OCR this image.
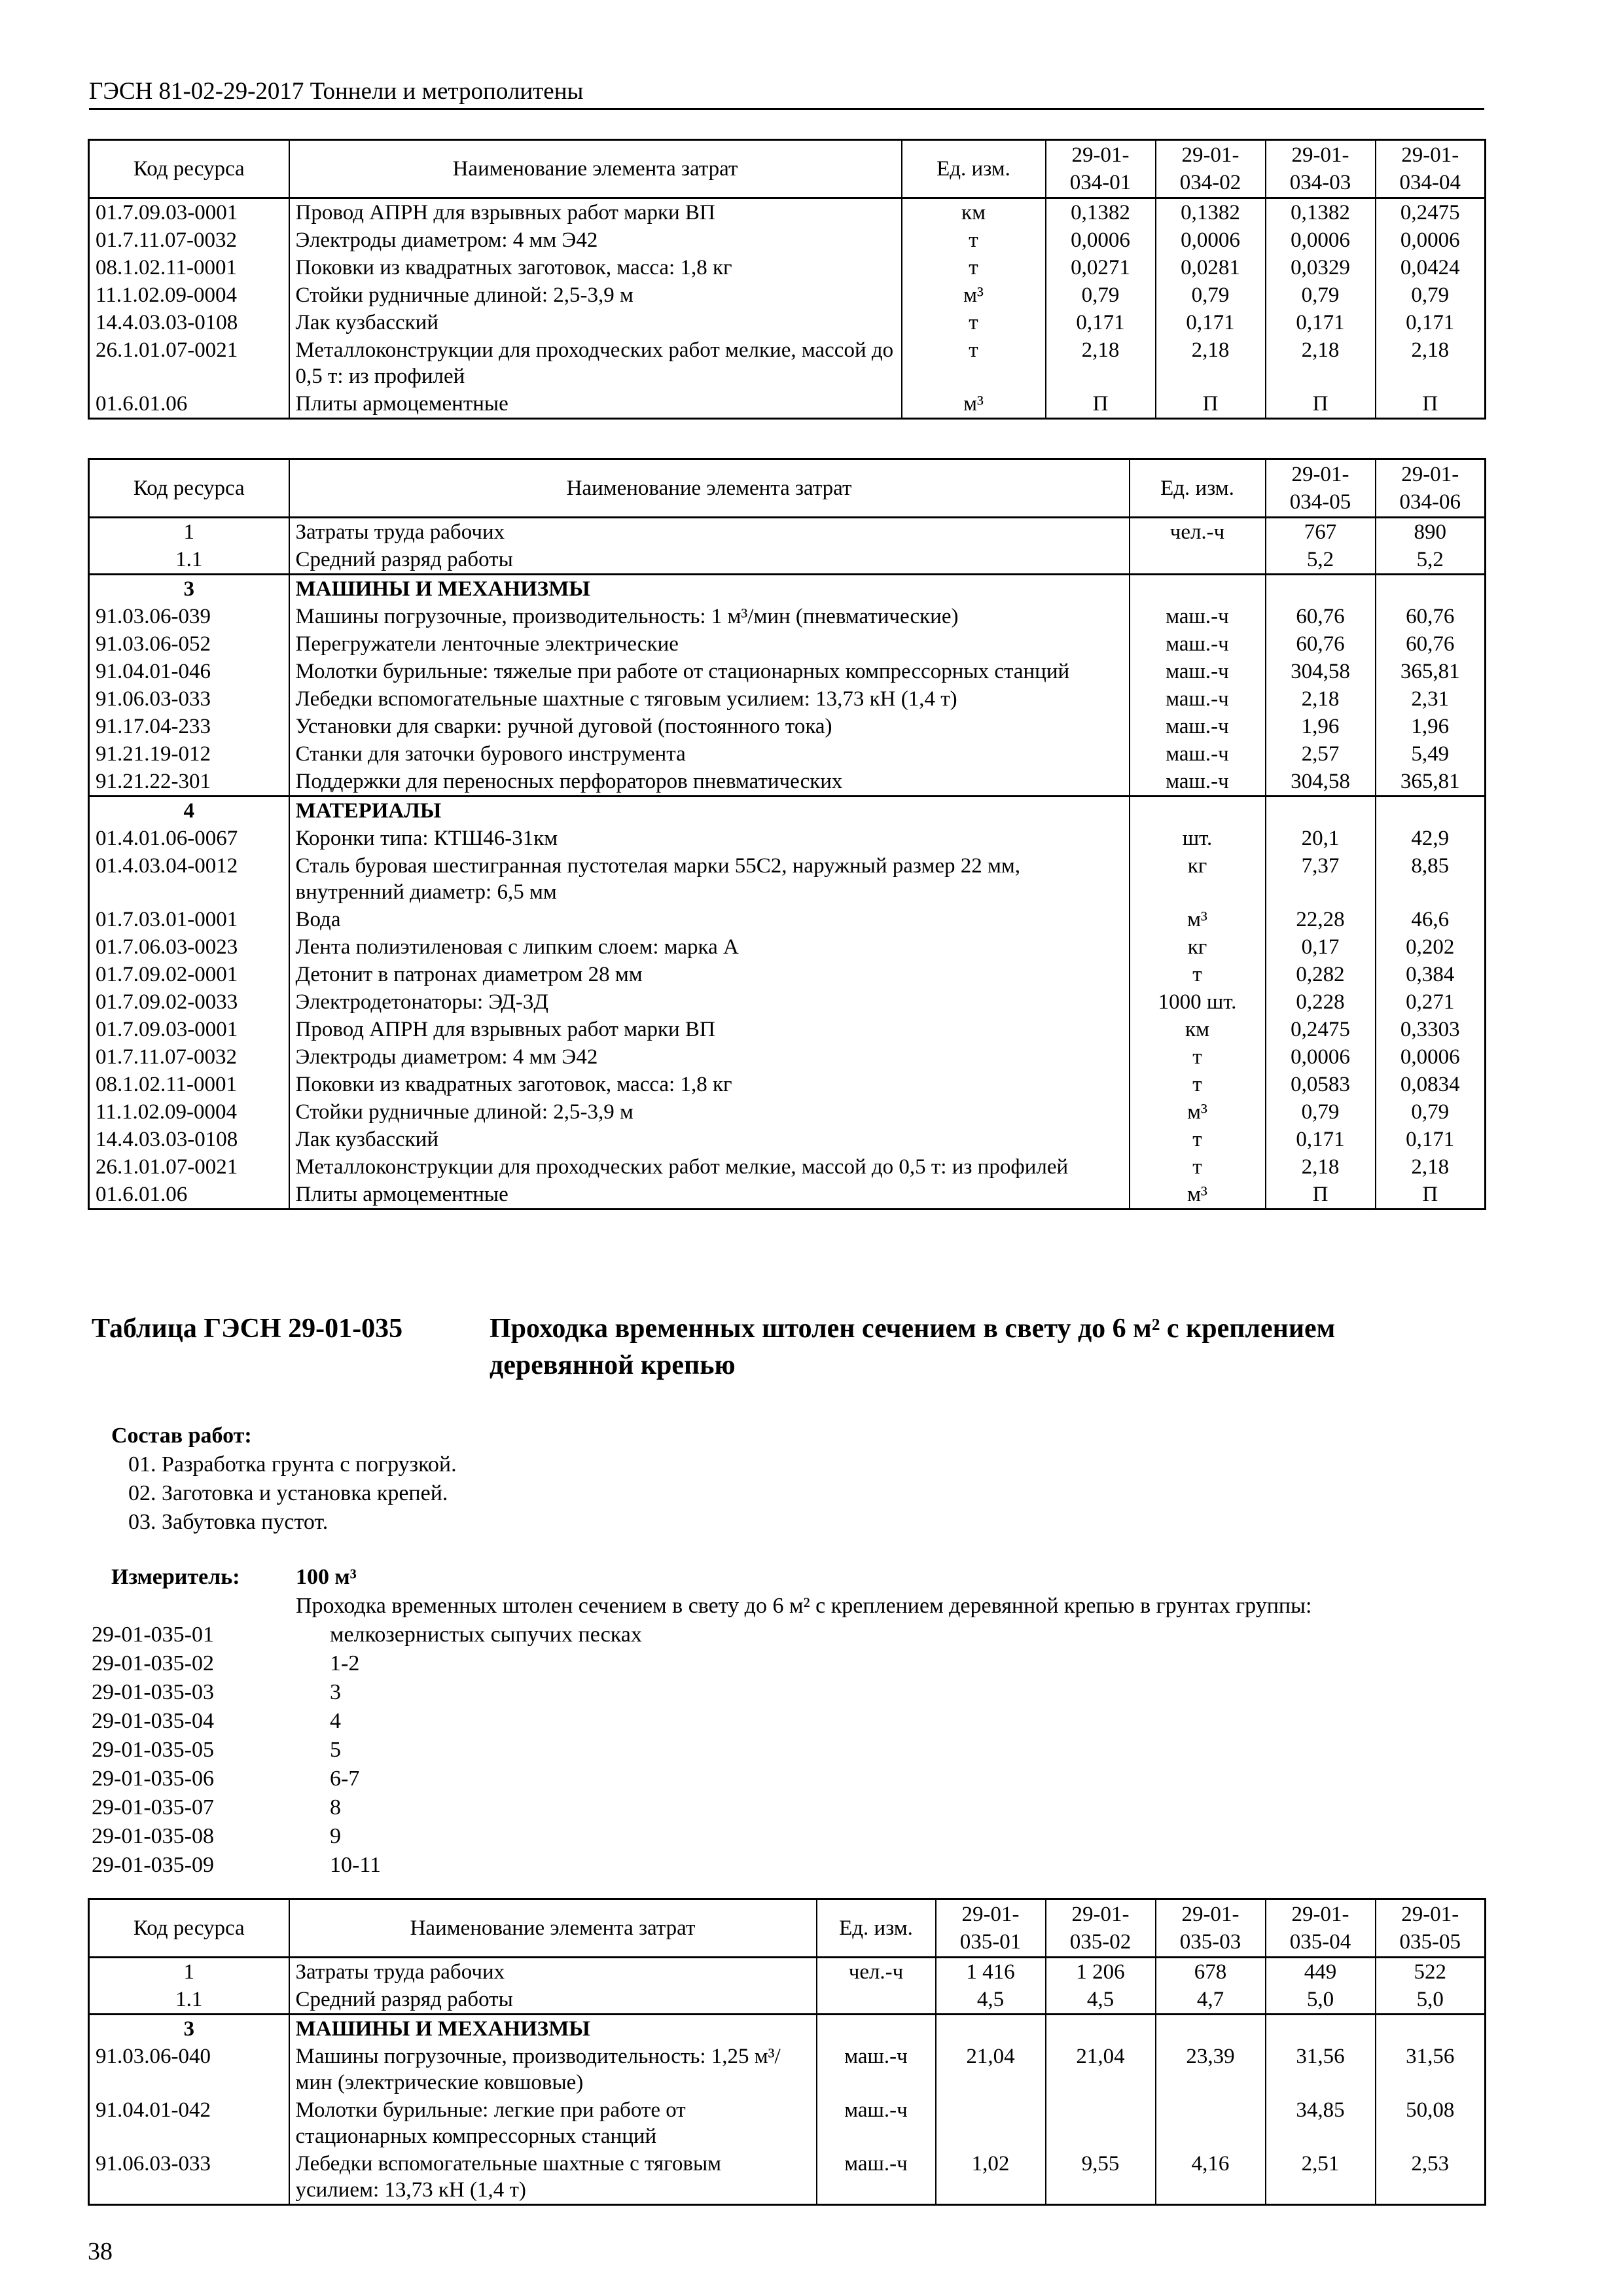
ГЭСН 81-02-29-2017 Тоннели и метрополитены
Код ресурса	Наименование элемента затрат	Ед. изм.	29-01-034-01	29-01-034-02	29-01-034-03	29-01-034-04
01.7.09.03-0001	Провод АПРН для взрывных работ марки ВП	км	0,1382	0,1382	0,1382	0,2475
01.7.11.07-0032	Электроды диаметром: 4 мм Э42	т	0,0006	0,0006	0,0006	0,0006
08.1.02.11-0001	Поковки из квадратных заготовок, масса: 1,8 кг	т	0,0271	0,0281	0,0329	0,0424
11.1.02.09-0004	Стойки рудничные длиной: 2,5-3,9 м	м³	0,79	0,79	0,79	0,79
14.4.03.03-0108	Лак кузбасский	т	0,171	0,171	0,171	0,171
26.1.01.07-0021	Металлоконструкции для проходческих работ мелкие, массой до 0,5 т: из профилей	т	2,18	2,18	2,18	2,18
01.6.01.06	Плиты армоцементные	м³	П	П	П	П
Код ресурса	Наименование элемента затрат	Ед. изм.	29-01-034-05	29-01-034-06
1	Затраты труда рабочих	чел.-ч	767	890
1.1	Средний разряд работы		5,2	5,2
3	МАШИНЫ И МЕХАНИЗМЫ			
91.03.06-039	Машины погрузочные, производительность: 1 м³/мин (пневматические)	маш.-ч	60,76	60,76
91.03.06-052	Перегружатели ленточные электрические	маш.-ч	60,76	60,76
91.04.01-046	Молотки бурильные: тяжелые при работе от стационарных компрессорных станций	маш.-ч	304,58	365,81
91.06.03-033	Лебедки вспомогательные шахтные с тяговым усилием: 13,73 кН (1,4 т)	маш.-ч	2,18	2,31
91.17.04-233	Установки для сварки: ручной дуговой (постоянного тока)	маш.-ч	1,96	1,96
91.21.19-012	Станки для заточки бурового инструмента	маш.-ч	2,57	5,49
91.21.22-301	Поддержки для переносных перфораторов пневматических	маш.-ч	304,58	365,81
4	МАТЕРИАЛЫ			
01.4.01.06-0067	Коронки типа: КТШ46-31км	шт.	20,1	42,9
01.4.03.04-0012	Сталь буровая шестигранная пустотелая марки 55С2, наружный размер 22 мм, внутренний диаметр: 6,5 мм	кг	7,37	8,85
01.7.03.01-0001	Вода	м³	22,28	46,6
01.7.06.03-0023	Лента полиэтиленовая с липким слоем: марка А	кг	0,17	0,202
01.7.09.02-0001	Детонит в патронах диаметром 28 мм	т	0,282	0,384
01.7.09.02-0033	Электродетонаторы: ЭД-3Д	1000 шт.	0,228	0,271
01.7.09.03-0001	Провод АПРН для взрывных работ марки ВП	км	0,2475	0,3303
01.7.11.07-0032	Электроды диаметром: 4 мм Э42	т	0,0006	0,0006
08.1.02.11-0001	Поковки из квадратных заготовок, масса: 1,8 кг	т	0,0583	0,0834
11.1.02.09-0004	Стойки рудничные длиной: 2,5-3,9 м	м³	0,79	0,79
14.4.03.03-0108	Лак кузбасский	т	0,171	0,171
26.1.01.07-0021	Металлоконструкции для проходческих работ мелкие, массой до 0,5 т: из профилей	т	2,18	2,18
01.6.01.06	Плиты армоцементные	м³	П	П
Таблица ГЭСН 29-01-035	Проходка временных штолен сечением в свету до 6 м² с креплением деревянной крепью
Состав работ:
01. Разработка грунта с погрузкой.
02. Заготовка и установка крепей.
03. Забутовка пустот.
Измеритель:	100 м³
Проходка временных штолен сечением в свету до 6 м² с креплением деревянной крепью в грунтах группы:
29-01-035-01	мелкозернистых сыпучих песках
29-01-035-02	1-2
29-01-035-03	3
29-01-035-04	4
29-01-035-05	5
29-01-035-06	6-7
29-01-035-07	8
29-01-035-08	9
29-01-035-09	10-11
Код ресурса	Наименование элемента затрат	Ед. изм.	29-01-035-01	29-01-035-02	29-01-035-03	29-01-035-04	29-01-035-05
1	Затраты труда рабочих	чел.-ч	1 416	1 206	678	449	522
1.1	Средний разряд работы		4,5	4,5	4,7	5,0	5,0
3	МАШИНЫ И МЕХАНИЗМЫ						
91.03.06-040	Машины погрузочные, производительность: 1,25 м³/мин (электрические ковшовые)	маш.-ч	21,04	21,04	23,39	31,56	31,56
91.04.01-042	Молотки бурильные: легкие при работе от стационарных компрессорных станций	маш.-ч				34,85	50,08
91.06.03-033	Лебедки вспомогательные шахтные с тяговым усилием: 13,73 кН (1,4 т)	маш.-ч	1,02	9,55	4,16	2,51	2,53
38
